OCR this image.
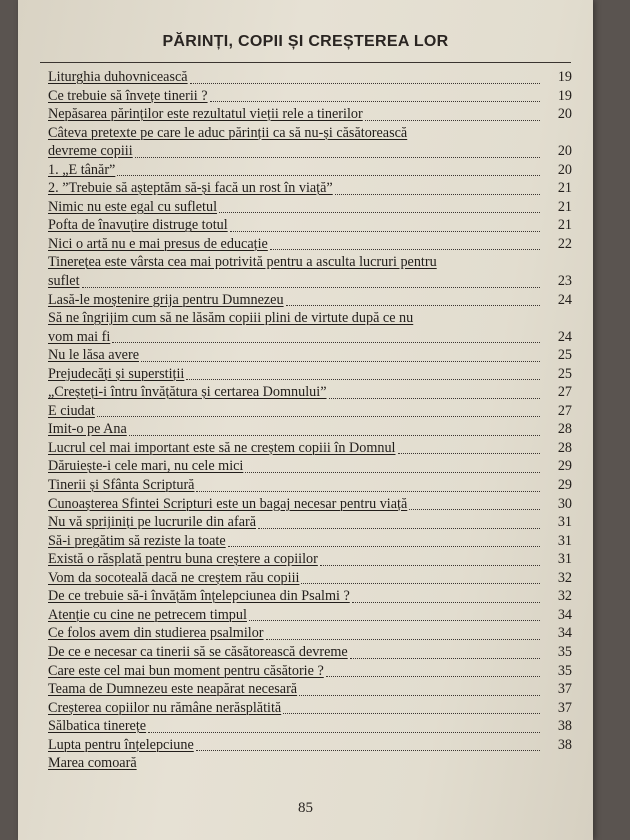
PĂRINȚI, COPII ȘI CREȘTEREA LOR
Liturghia duhovnicească	19
Ce trebuie să învețe tinerii ?	19
Nepăsarea părinților este rezultatul vieții rele a tinerilor	20
Câteva pretexte pe care le aduc părinții ca să nu-și căsătorească
devreme copiii	20
1. „E tânăr”	20
2. ”Trebuie să așteptăm să-și facă un rost în viață”	21
Nimic nu este egal cu sufletul	21
Pofta de înavuțire distruge totul	21
Nici o artă nu e mai presus de educație	22
Tinerețea este vârsta cea mai potrivită pentru a asculta lucruri pentru
suflet	23
Lasă-le moștenire grija pentru Dumnezeu	24
Să ne îngrijim cum să ne lăsăm copiii plini de virtute după ce nu
vom mai fi	24
Nu le lăsa avere	25
Prejudecăți și superstiții	25
„Creșteți-i întru învățătura și certarea Domnului”	27
E ciudat	27
Imit-o pe Ana	28
Lucrul cel mai important este să ne creștem copiii în Domnul	28
Dăruiește-i cele mari, nu cele mici	29
Tinerii și Sfânta Scriptură	29
Cunoașterea Sfintei Scripturi este un bagaj necesar pentru viață	30
Nu vă sprijiniți pe lucrurile din afară	31
Să-i pregătim să reziste la toate	31
Există o răsplată pentru buna creștere a copiilor	31
Vom da socoteală dacă ne creștem rău copiii	32
De ce trebuie să-i învățăm înțelepciunea din Psalmi ?	32
Atenție cu cine ne petrecem timpul	34
Ce folos avem din studierea psalmilor	34
De ce e necesar ca tinerii să se căsătorească devreme	35
Care este cel mai bun moment pentru căsătorie ?	35
Teama de Dumnezeu este neapărat necesară	37
Creșterea copiilor nu rămâne nerăsplătită	37
Sălbatica tinerețe	38
Lupta pentru înțelepciune	38
Marea comoară
85
